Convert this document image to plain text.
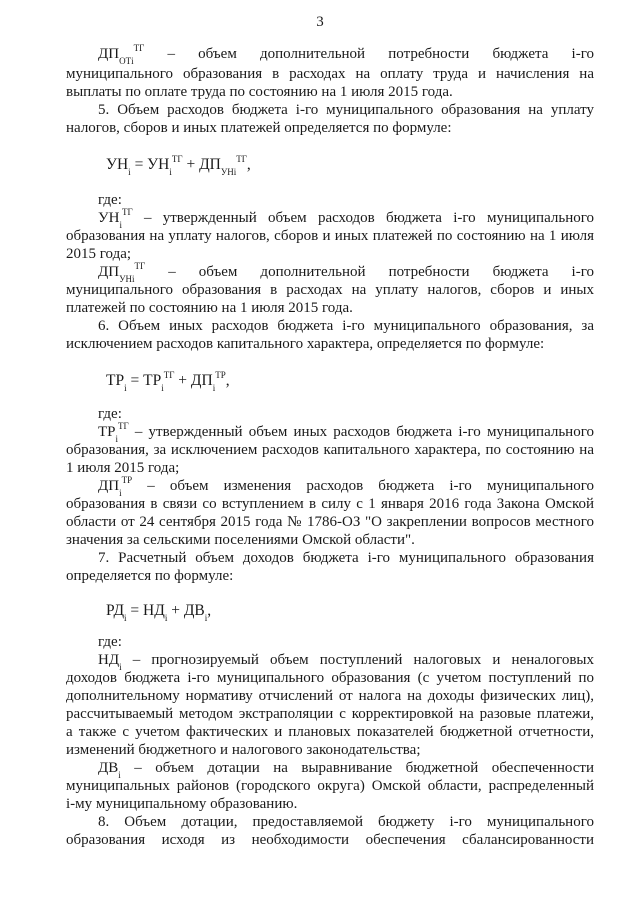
3
$ДП_{ОТi}^{ТГ}$ – объем дополнительной потребности бюджета i-го
муниципального образования в расходах на оплату труда и начисления на
выплаты по оплате труда по состоянию на 1 июля 2015 года.
5. Объем расходов бюджета i-го муниципального образования на уплату
налогов, сборов и иных платежей определяется по формуле:
$УН_i = УН_i^{ТГ} + ДП_{УНi}^{ТГ}$,
где:
$УН_i^{ТГ}$ – утвержденный объем расходов бюджета i-го муниципального
образования на уплату налогов, сборов и иных платежей по состоянию на 1 июля
2015 года;
$ДП_{УНi}^{ТГ}$ – объем дополнительной потребности бюджета i-го
муниципального образования в расходах на уплату налогов, сборов и иных
платежей по состоянию на 1 июля 2015 года.
6. Объем иных расходов бюджета i-го муниципального образования, за
исключением расходов капитального характера, определяется по формуле:
$ТР_i = ТР_i^{ТГ} + ДП_i^{ТР}$,
где:
$ТР_i^{ТГ}$ – утвержденный объем иных расходов бюджета i-го муниципального
образования, за исключением расходов капитального характера, по состоянию на
1 июля 2015 года;
$ДП_i^{ТР}$ – объем изменения расходов бюджета i-го муниципального
образования в связи со вступлением в силу с 1 января 2016 года Закона Омской
области от 24 сентября 2015 года № 1786-ОЗ "О закреплении вопросов местного
значения за сельскими поселениями Омской области".
7. Расчетный объем доходов бюджета i-го муниципального образования
определяется по формуле:
$РД_i = НД_i + ДВ_i$,
где:
$НД_i$ – прогнозируемый объем поступлений налоговых и неналоговых
доходов бюджета i-го муниципального образования (с учетом поступлений по
дополнительному нормативу отчислений от налога на доходы физических лиц),
рассчитываемый методом экстраполяции с корректировкой на разовые платежи,
а также с учетом фактических и плановых показателей бюджетной отчетности,
изменений бюджетного и налогового законодательства;
$ДВ_i$ – объем дотации на выравнивание бюджетной обеспеченности
муниципальных районов (городского округа) Омской области, распределенный
i-му муниципальному образованию.
8. Объем дотации, предоставляемой бюджету i-го муниципального
образования исходя из необходимости обеспечения сбалансированности
